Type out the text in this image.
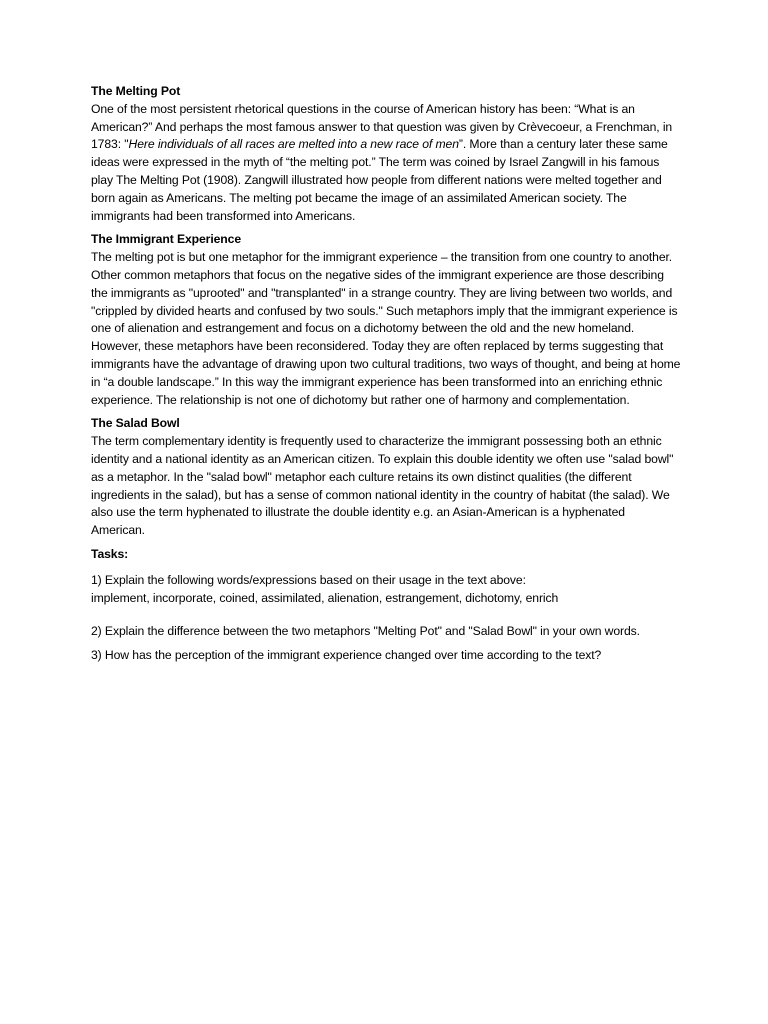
The Melting Pot
One of the most persistent rhetorical questions in the course of American history has been: “What is an American?” And perhaps the most famous answer to that question was given by Crèvecoeur, a Frenchman, in 1783: "Here individuals of all races are melted into a new race of men”. More than a century later these same ideas were expressed in the myth of “the melting pot.” The term was coined by Israel Zangwill in his famous play The Melting Pot (1908). Zangwill illustrated how people from different nations were melted together and born again as Americans. The melting pot became the image of an assimilated American society. The immigrants had been transformed into Americans.
The Immigrant Experience
The melting pot is but one metaphor for the immigrant experience – the transition from one country to another. Other common metaphors that focus on the negative sides of the immigrant experience are those describing the immigrants as "uprooted" and "transplanted" in a strange country. They are living between two worlds, and "crippled by divided hearts and confused by two souls." Such metaphors imply that the immigrant experience is one of alienation and estrangement and focus on a dichotomy between the old and the new homeland. However, these metaphors have been reconsidered. Today they are often replaced by terms suggesting that immigrants have the advantage of drawing upon two cultural traditions, two ways of thought, and being at home in “a double landscape.” In this way the immigrant experience has been transformed into an enriching ethnic experience. The relationship is not one of dichotomy but rather one of harmony and complementation.
The Salad Bowl
The term complementary identity is frequently used to characterize the immigrant possessing both an ethnic identity and a national identity as an American citizen. To explain this double identity we often use "salad bowl" as a metaphor. In the "salad bowl" metaphor each culture retains its own distinct qualities (the different ingredients in the salad), but has a sense of common national identity in the country of habitat (the salad). We also use the term hyphenated to illustrate the double identity e.g. an Asian-American is a hyphenated American.
Tasks:
1) Explain the following words/expressions based on their usage in the text above:
implement, incorporate, coined, assimilated, alienation, estrangement, dichotomy, enrich
2) Explain the difference between the two metaphors "Melting Pot" and "Salad Bowl" in your own words.
3) How has the perception of the immigrant experience changed over time according to the text?
